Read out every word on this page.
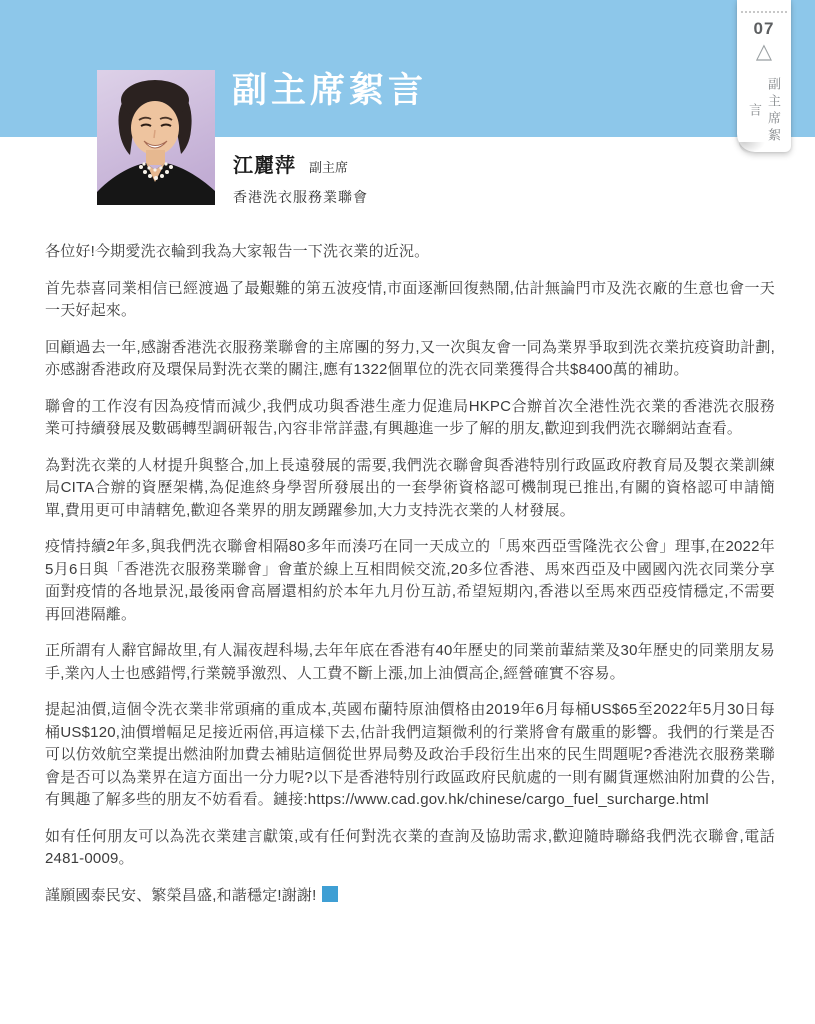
07
△
副主席絮言
副主席絮言
江麗萍 副主席
香港洗衣服務業聯會

各位好!今期愛洗衣輪到我為大家報告一下洗衣業的近況。

首先恭喜同業相信已經渡過了最艱難的第五波疫情,市面逐漸回復熱鬧,估計無論門市及洗衣廠的生意也會一天一天好起來。

回顧過去一年,感謝香港洗衣服務業聯會的主席團的努力,又一次與友會一同為業界爭取到洗衣業抗疫資助計劃,亦感謝香港政府及環保局對洗衣業的關注,應有1322個單位的洗衣同業獲得合共$8400萬的補助。

聯會的工作沒有因為疫情而減少,我們成功與香港生產力促進局HKPC合辦首次全港性洗衣業的香港洗衣服務業可持續發展及數碼轉型調研報告,內容非常詳盡,有興趣進一步了解的朋友,歡迎到我們洗衣聯網站查看。

為對洗衣業的人材提升與整合,加上長遠發展的需要,我們洗衣聯會與香港特別行政區政府教育局及製衣業訓練局CITA合辦的資歷架構,為促進終身學習所發展出的一套學術資格認可機制現已推出,有關的資格認可申請簡單,費用更可申請轄免,歡迎各業界的朋友踴躍參加,大力支持洗衣業的人材發展。

疫情持續2年多,與我們洗衣聯會相隔80多年而湊巧在同一天成立的「馬來西亞雪隆洗衣公會」理事,在2022年5月6日與「香港洗衣服務業聯會」會董於線上互相問候交流,20多位香港、馬來西亞及中國國內洗衣同業分享面對疫情的各地景況,最後兩會高層還相約於本年九月份互訪,希望短期內,香港以至馬來西亞疫情穩定,不需要再回港隔離。

正所謂有人辭官歸故里,有人漏夜趕科場,去年年底在香港有40年歷史的同業前輩結業及30年歷史的同業朋友易手,業內人士也感錯愕,行業競爭激烈、人工費不斷上漲,加上油價高企,經營確實不容易。

提起油價,這個令洗衣業非常頭痛的重成本,英國布蘭特原油價格由2019年6月每桶US$65至2022年5月30日每桶US$120,油價增幅足足接近兩倍,再這樣下去,估計我們這類微利的行業將會有嚴重的影響。我們的行業是否可以仿效航空業提出燃油附加費去補貼這個從世界局勢及政治手段衍生出來的民生問題呢?香港洗衣服務業聯會是否可以為業界在這方面出一分力呢?以下是香港特別行政區政府民航處的一則有關貨運燃油附加費的公告,有興趣了解多些的朋友不妨看看。鏈接:https://www.cad.gov.hk/chinese/cargo_fuel_surcharge.html

如有任何朋友可以為洗衣業建言獻策,或有任何對洗衣業的查詢及協助需求,歡迎隨時聯絡我們洗衣聯會,電話2481-0009。

謹願國泰民安、繁榮昌盛,和諧穩定!謝謝!
